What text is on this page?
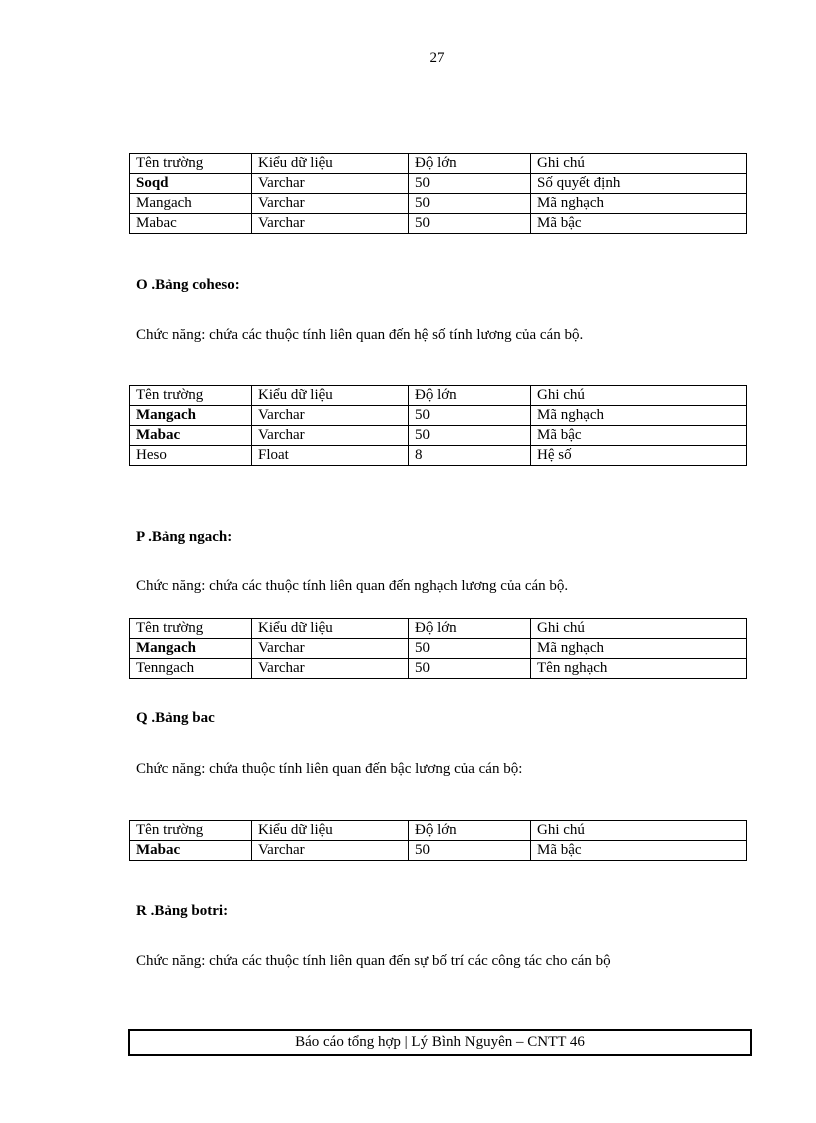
27
Tên trường	Kiểu dữ liệu	Độ lớn	Ghi chú
Soqd	Varchar	50	Số quyết định
Mangach	Varchar	50	Mã nghạch
Mabac	Varchar	50	Mã bậc
O .Bảng coheso:
Chức năng: chứa các thuộc tính liên quan đến hệ số tính lương của cán bộ.
Tên trường	Kiểu dữ liệu	Độ lớn	Ghi chú
Mangach	Varchar	50	Mã nghạch
Mabac	Varchar	50	Mã bậc
Heso	Float	8	Hệ số
P .Bảng ngach:
Chức năng: chứa các thuộc tính liên quan đến nghạch lương của cán bộ.
Tên trường	Kiểu dữ liệu	Độ lớn	Ghi chú
Mangach	Varchar	50	Mã nghạch
Tenngach	Varchar	50	Tên nghạch
Q .Bảng bac
Chức năng: chứa thuộc tính liên quan đến bậc lương của cán bộ:
Tên trường	Kiểu dữ liệu	Độ lớn	Ghi chú
Mabac	Varchar	50	Mã bậc
R .Bảng botri:
Chức năng: chứa các thuộc tính liên quan đến sự bố trí các công tác cho cán bộ
Báo cáo tổng hợp | Lý Bình Nguyên – CNTT 46
